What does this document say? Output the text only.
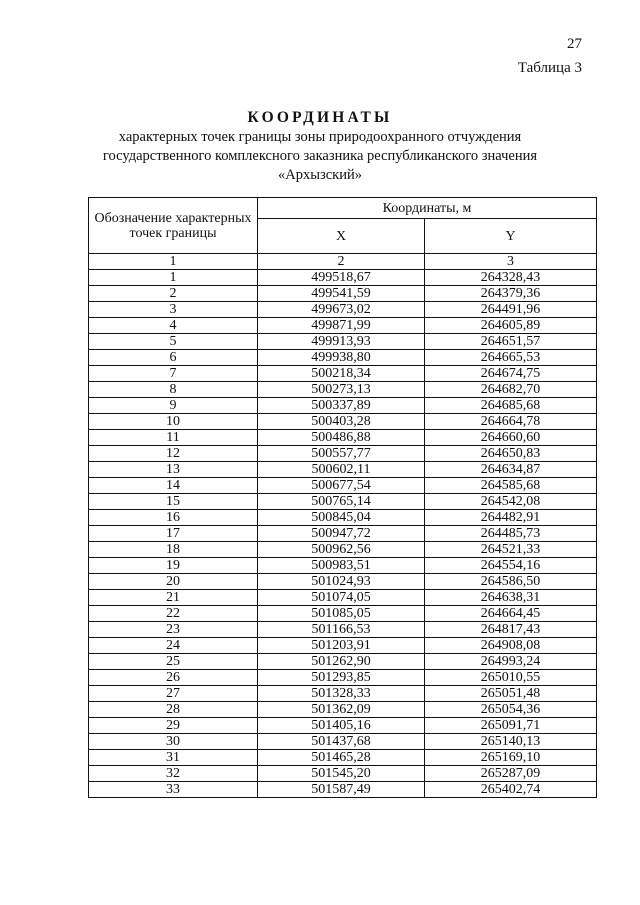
27
Таблица 3
КООРДИНАТЫ
характерных точек границы зоны природоохранного отчуждения
государственного комплексного заказника республиканского значения
«Архызский»
Обозначение характерных точек границы	Координаты, м	
	X	Y
1	2	3
1	499518,67	264328,43
2	499541,59	264379,36
3	499673,02	264491,96
4	499871,99	264605,89
5	499913,93	264651,57
6	499938,80	264665,53
7	500218,34	264674,75
8	500273,13	264682,70
9	500337,89	264685,68
10	500403,28	264664,78
11	500486,88	264660,60
12	500557,77	264650,83
13	500602,11	264634,87
14	500677,54	264585,68
15	500765,14	264542,08
16	500845,04	264482,91
17	500947,72	264485,73
18	500962,56	264521,33
19	500983,51	264554,16
20	501024,93	264586,50
21	501074,05	264638,31
22	501085,05	264664,45
23	501166,53	264817,43
24	501203,91	264908,08
25	501262,90	264993,24
26	501293,85	265010,55
27	501328,33	265051,48
28	501362,09	265054,36
29	501405,16	265091,71
30	501437,68	265140,13
31	501465,28	265169,10
32	501545,20	265287,09
33	501587,49	265402,74
